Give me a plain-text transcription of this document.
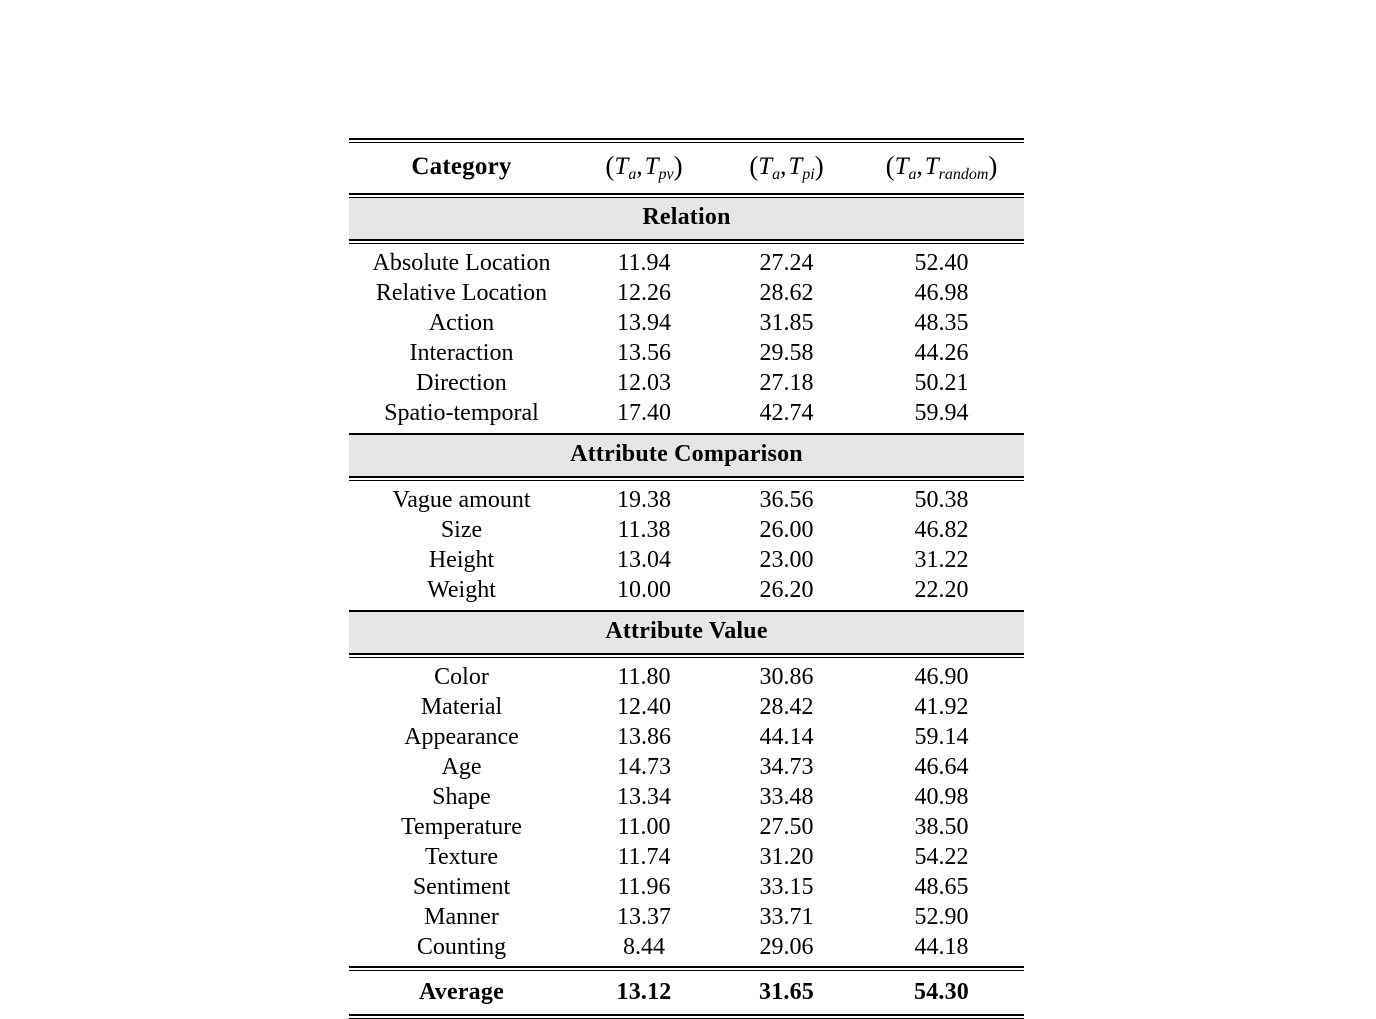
Category	$(T_a,T_{pv})$	$(T_a,T_{pi})$	$(T_a,T_{random})$

Relation			

Absolute Location	11.94	27.24	52.40
Relative Location	12.26	28.62	46.98
Action	13.94	31.85	48.35
Interaction	13.56	29.58	44.26
Direction	12.03	27.18	50.21
Spatio-temporal	17.40	42.74	59.94

Attribute Comparison			

Vague amount	19.38	36.56	50.38
Size	11.38	26.00	46.82
Height	13.04	23.00	31.22
Weight	10.00	26.20	22.20

Attribute Value			

Color	11.80	30.86	46.90
Material	12.40	28.42	41.92
Appearance	13.86	44.14	59.14
Age	14.73	34.73	46.64
Shape	13.34	33.48	40.98
Temperature	11.00	27.50	38.50
Texture	11.74	31.20	54.22
Sentiment	11.96	33.15	48.65
Manner	13.37	33.71	52.90
Counting	8.44	29.06	44.18

Average	13.12	31.65	54.30
